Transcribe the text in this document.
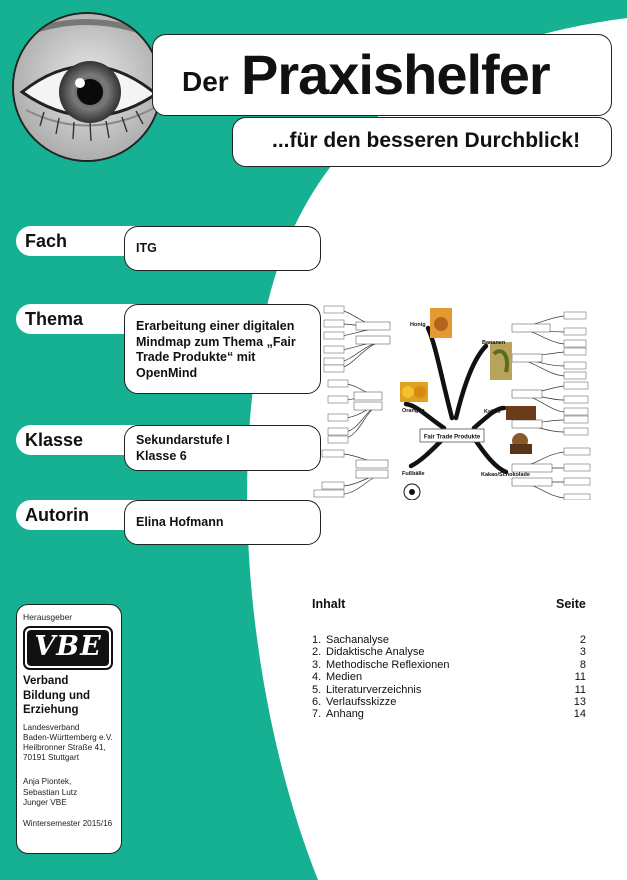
Der Praxishelfer
...für den besseren Durchblick!
Fach	ITG
Thema	Erarbeitung einer digitalen Mindmap zum Thema „Fair Trade Produkte“ mit OpenMind
Klasse	Sekundarstufe I
Klasse 6
Autorin	Elina Hofmann
Fair Trade Produkte
Honig
Bananen
Orangen	Kaffee
Fußbälle	Kakao/Schokolade
Herausgeber
VBE
Verband
Bildung und
Erziehung
Landesverband
Baden-Württemberg e.V.
Heilbronner Straße 41,
70191 Stuttgart
Anja Piontek,
Sebastian Lutz
Junger VBE
Wintersemester 2015/16
Inhalt	Seite
1. Sachanalyse	2
2. Didaktische Analyse	3
3. Methodische Reflexionen	8
4. Medien	11
5. Literaturverzeichnis	11
6. Verlaufsskizze	13
7. Anhang	14
